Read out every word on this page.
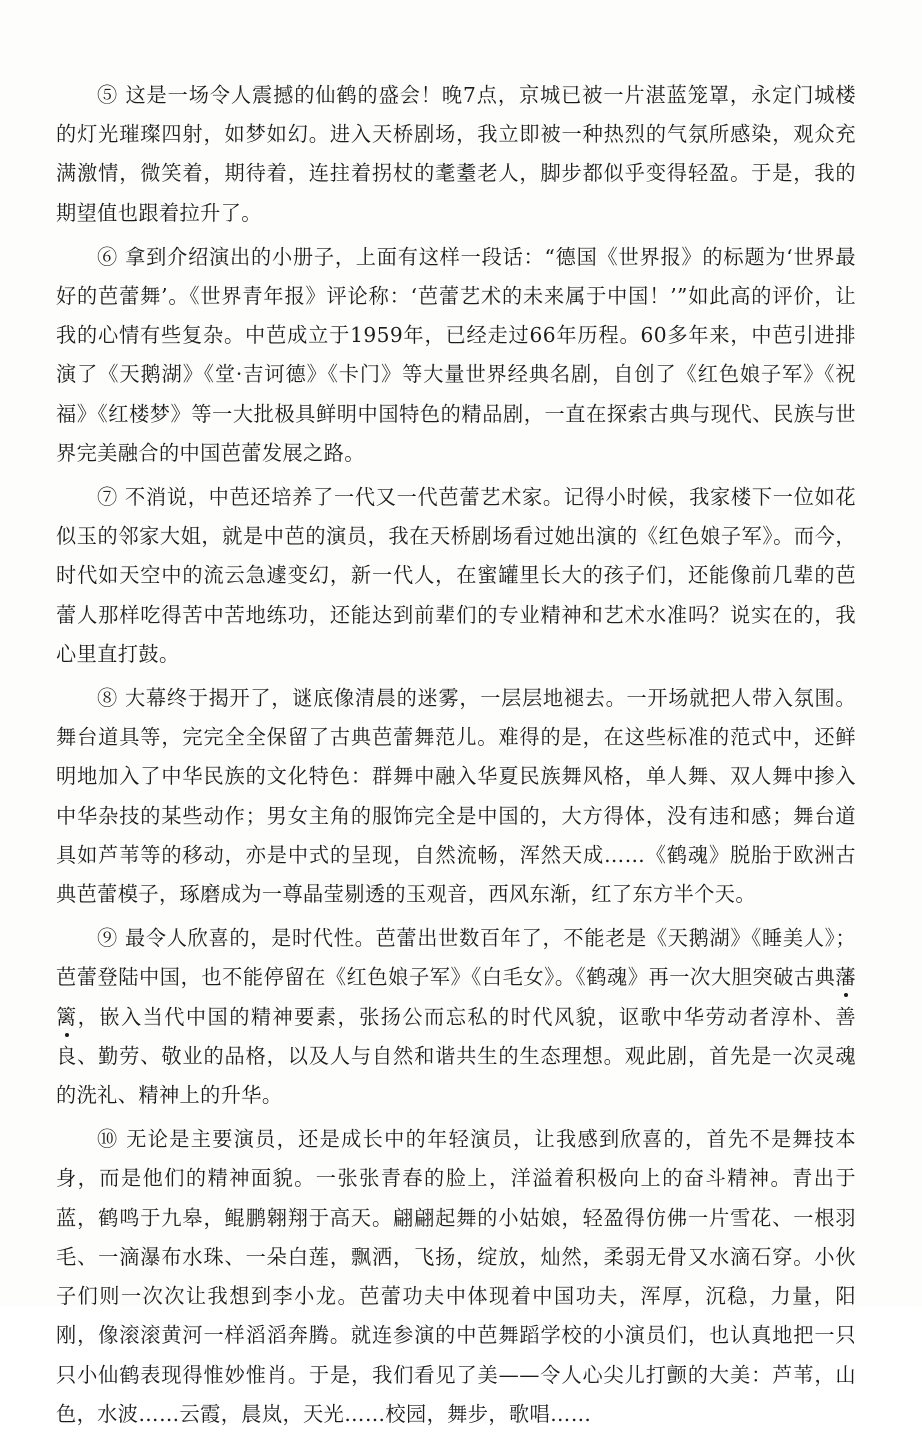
⑤ 这是一场令人震撼的仙鹤的盛会！晚7点，京城已被一片湛蓝笼罩，永定门城楼的灯光璀璨四射，如梦如幻。进入天桥剧场，我立即被一种热烈的气氛所感染，观众充满激情，微笑着，期待着，连拄着拐杖的耄耋老人，脚步都似乎变得轻盈。于是，我的期望值也跟着拉升了。

⑥ 拿到介绍演出的小册子，上面有这样一段话：“德国《世界报》的标题为‘世界最好的芭蕾舞’。《世界青年报》评论称：‘芭蕾艺术的未来属于中国！’”如此高的评价，让我的心情有些复杂。中芭成立于1959年，已经走过66年历程。60多年来，中芭引进排演了《天鹅湖》《堂·吉诃德》《卡门》等大量世界经典名剧，自创了《红色娘子军》《祝福》《红楼梦》等一大批极具鲜明中国特色的精品剧，一直在探索古典与现代、民族与世界完美融合的中国芭蕾发展之路。

⑦ 不消说，中芭还培养了一代又一代芭蕾艺术家。记得小时候，我家楼下一位如花似玉的邻家大姐，就是中芭的演员，我在天桥剧场看过她出演的《红色娘子军》。而今，时代如天空中的流云急遽变幻，新一代人，在蜜罐里长大的孩子们，还能像前几辈的芭蕾人那样吃得苦中苦地练功，还能达到前辈们的专业精神和艺术水准吗？说实在的，我心里直打鼓。

⑧ 大幕终于揭开了，谜底像清晨的迷雾，一层层地褪去。一开场就把人带入氛围。舞台道具等，完完全全保留了古典芭蕾舞范儿。难得的是，在这些标准的范式中，还鲜明地加入了中华民族的文化特色：群舞中融入华夏民族舞风格，单人舞、双人舞中掺入中华杂技的某些动作；男女主角的服饰完全是中国的，大方得体，没有违和感；舞台道具如芦苇等的移动，亦是中式的呈现，自然流畅，浑然天成……《鹤魂》脱胎于欧洲古典芭蕾模子，琢磨成为一尊晶莹剔透的玉观音，西风东渐，红了东方半个天。

⑨ 最令人欣喜的，是时代性。芭蕾出世数百年了，不能老是《天鹅湖》《睡美人》；芭蕾登陆中国，也不能停留在《红色娘子军》《白毛女》。《鹤魂》再一次大胆突破古典藩篱，嵌入当代中国的精神要素，张扬公而忘私的时代风貌，讴歌中华劳动者淳朴、善良、勤劳、敬业的品格，以及人与自然和谐共生的生态理想。观此剧，首先是一次灵魂的洗礼、精神上的升华。

⑩ 无论是主要演员，还是成长中的年轻演员，让我感到欣喜的，首先不是舞技本身，而是他们的精神面貌。一张张青春的脸上，洋溢着积极向上的奋斗精神。青出于蓝，鹤鸣于九皋，鲲鹏翱翔于高天。翩翩起舞的小姑娘，轻盈得仿佛一片雪花、一根羽毛、一滴瀑布水珠、一朵白莲，飘洒，飞扬，绽放，灿然，柔弱无骨又水滴石穿。小伙子们则一次次让我想到李小龙。芭蕾功夫中体现着中国功夫，浑厚，沉稳，力量，阳刚，像滚滚黄河一样滔滔奔腾。就连参演的中芭舞蹈学校的小演员们，也认真地把一只只小仙鹤表现得惟妙惟肖。于是，我们看见了美——令人心尖儿打颤的大美：芦苇，山色，水波……云霞，晨岚，天光……校园，舞步，歌唱……
